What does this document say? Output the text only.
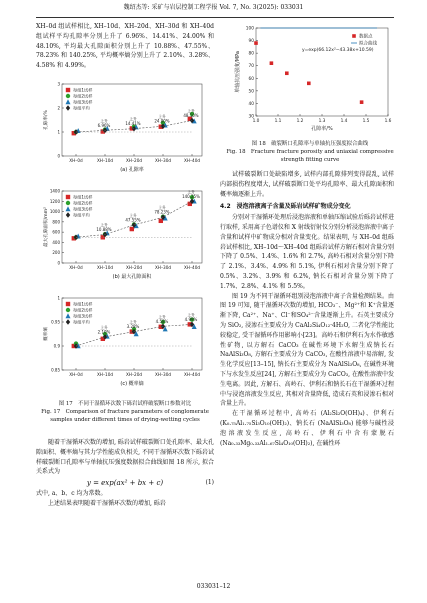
魏绍杰等: 采矿与岩层控制工程学报 Vol. 7, No. 3(2025): 033031

XH–0d 组试样相比, XH–10d、XH–20d、XH–30d 和 XH–40d 组试样平均孔隙率分别上升了 6.96%、14.41%、24.00% 和 48.10%, 平均最大孔隙面积分别上升了 10.88%、47.55%、78.23% 和 140.25%, 平均概率熵分别上升了 2.10%、3.28%、4.58% 和 4.99%。

0
1
2
3
孔隙率/%
XH–0d	XH–10d	XH–20d	XH–30d	XH–40d
上升
6.96%
上升
14.41%
上升
24.00%
上升
48.10%
每组1试样
每组2试样
每组3试样
每组平均
(a) 孔隙率
0
200
400
600
800
1000
1200
1400
最大孔隙面积/mm²
XH–0d	XH–10d	XH–20d	XH–30d	XH–40d
上升
10.88%
上升
47.55%
上升
78.23%
上升
140.25%
每组1试样
每组2试样
每组3试样
每组平均
(b) 最大孔隙面积
0.85
0.9
0.95
1
概率熵
XH–0d	XH–10d	XH–20d	XH–30d	XH–40d
上升
2.10%
上升
3.28%
上升
4.58%
上升
4.99%
每组1试样
每组2试样
每组3试样
每组平均
(c) 概率熵
图 17　不同干湿循环次数下砾岩试样破裂断口参数对比
Fig. 17　Comparison of fracture parameters of conglomerate samples under different times of drying-wetting cycles

随着干湿循环次数的增加, 砾岩试样破裂断口处孔隙率、最大孔隙面积、概率熵与其力学性能成负相关, 不同干湿循环次数下砾岩试样破裂断口孔隙率与单轴抗压强度数据拟合曲线如图 18 所示, 拟合关系式为

y = exp(ax² + bx + c)	(1)

式中, a、b、c 均为常数。

上述结果表明随着干湿循环次数的增加, 砾岩

1.0	1.1	1.2	1.3	1.4	1.5	1.6
30
40
50
60
70
80
90
100
孔隙率/%
单轴抗压强度/MPa
y=exp(66.12x²−43.38x+10.59)
数据点
拟合曲线
图 18　破裂断口孔隙率与单轴抗压强度拟合曲线
Fig. 18　Fracture fracture porosity and uniaxial compressive strength fitting curve

试样破裂断口处缺陷增多, 试样内部孔隙排列变得混乱, 试样内部损伤程度增大, 试样破裂断口处平均孔隙率、最大孔隙面积和概率熵逐渐上升。

4.2　浸泡溶液离子含量及砾岩试样矿物成分变化

分别对干湿循环处理后浸泡溶液和单轴压缩试验后砾岩试样进行取样, 采用离子色谱仪和 X 射线衍射仪分别分析浸泡溶液中离子含量和试样中矿物成分相对含量变化。结果表明, 与 XH–0d 组砾岩试样相比, XH–10d～XH–40d 组砾岩试样方解石相对含量分别下降了 0.5%、1.4%、1.6% 和 2.7%, 高岭石相对含量分别下降了 2.1%、3.4%、4.9% 和 5.1%, 伊利石相对含量分别下降了 0.5%、3.2%、3.9% 和 6.2%, 钠长石相对含量分别下降了 1.7%、2.8%、4.1% 和 5.5%。

图 19 为不同干湿循环组别浸泡溶液中离子含量检测结果。由图 19 可知, 随干湿循环次数的增加, HCO₃⁻、Mg²⁺和 K⁺含量逐渐下降, Ca²⁺、Na⁺、Cl⁻和SO₄²⁻含量逐渐上升。石英主要成分为 SiO₂, 浸渗石主要成分为 CaAl₂Si₄O₁₂·4H₂O, 二者化学性能比较稳定, 受干湿循环作用影响小[23]。高岭石和伊利石为水作敏感性矿物, 以方解石 CaCO₃ 在碱性环境下水解生成钠长石 NaAlSi₃O₈, 方解石主要成分为 CaCO₃, 在酸性溶液中易溶解, 发生化学反应[13–15], 钠长石主要成分为 NaAlSi₃O₈, 在碱性环境下与水发生反应[24], 方解石主要成分为 CaCO₃, 在酸性溶液中发生电离。因此, 方解石、高岭石、伊利石和钠长石在干湿循环过程中与浸泡溶液发生反应, 其相对含量降低, 造成石英和浸渗石相对含量上升。

在干湿循环过程中, 高岭石 (Al₂Si₂O(OH)₄)、伊利石 (K₀.₇₅Al₁.₇₅Si₃O₁₀(OH)₂)、钠长石 (NaAlSi₃O₈) 能够与碱性浸泡溶液发生反应, 高岭石、伊利石中含有蒙脱石 (Na₀.₃₃Mg₀.₃₃Al₁.₆₇Si₄O₁₀(OH)₂), 在碱性环

033031–12
